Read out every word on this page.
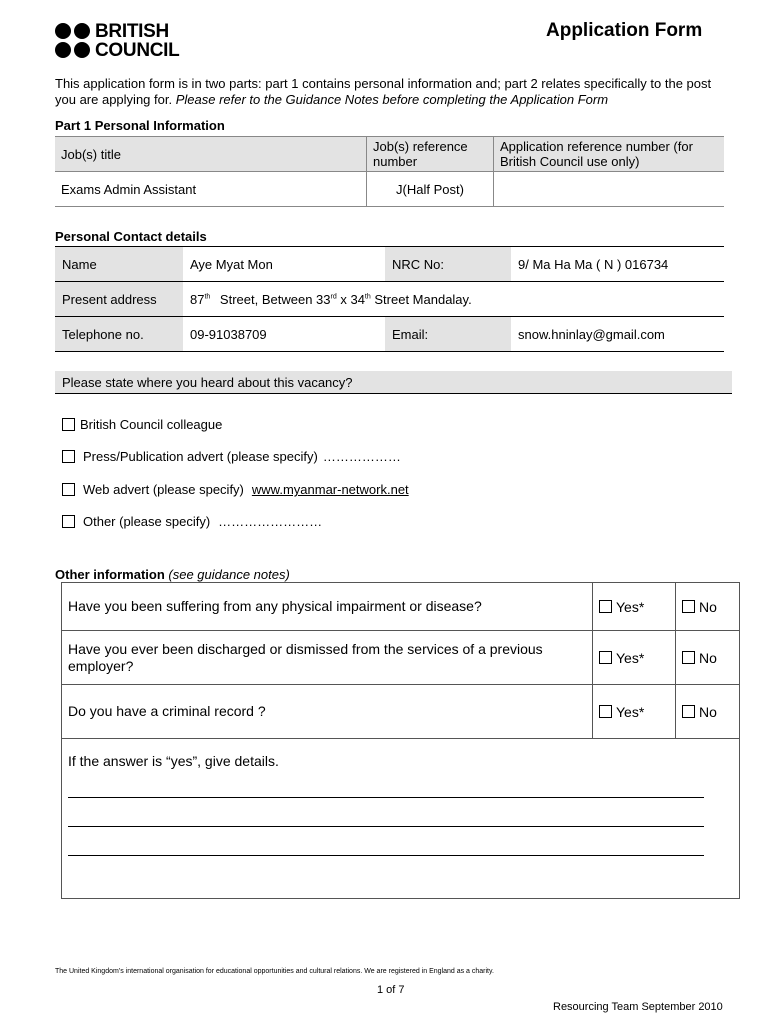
BRITISH
COUNCIL
Application Form
This application form is in two parts: part 1 contains personal information and; part 2 relates specifically to the post you are applying for. Please refer to the Guidance Notes before completing the Application Form
Part 1 Personal Information
Job(s) title	Job(s) reference number	Application reference number (for British Council use only)
Exams Admin Assistant	J(Half Post)	
Personal Contact details
Name	Aye Myat Mon	NRC No:	9/ Ma Ha Ma ( N ) 016734
Present address	87th Street, Between 33rd x 34th Street Mandalay.		
Telephone no.	09-91038709	Email:	snow.hninlay@gmail.com
Please state where you heard about this vacancy?
British Council colleague
Press/Publication advert (please specify) ………………
Web advert (please specify) www.myanmar-network.net
Other (please specify) ……………………
Other information (see guidance notes)
Have you been suffering from any physical impairment or disease?	Yes*	No

Have you ever been discharged or dismissed from the services of a previous employer?	Yes*	No

Do you have a criminal record ?	Yes*	No

If the answer is “yes”, give details.		
The United Kingdom’s international organisation for educational opportunities and cultural relations. We are registered in England as a charity.
1 of 7
Resourcing Team September 2010
